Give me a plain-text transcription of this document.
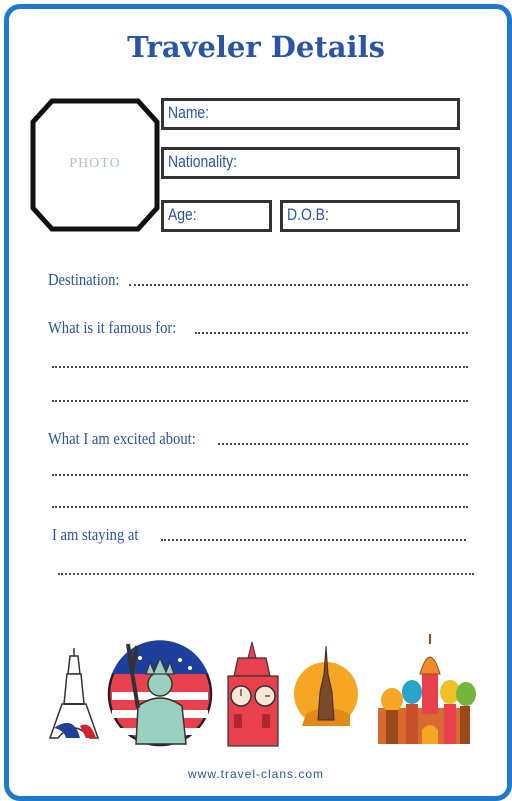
Traveler Details
PHOTO
Name:
Nationality:
Age:	D.O.B:
Destination:
What is it famous for:
What I am excited about:
I am staying at
www.travel-clans.com
